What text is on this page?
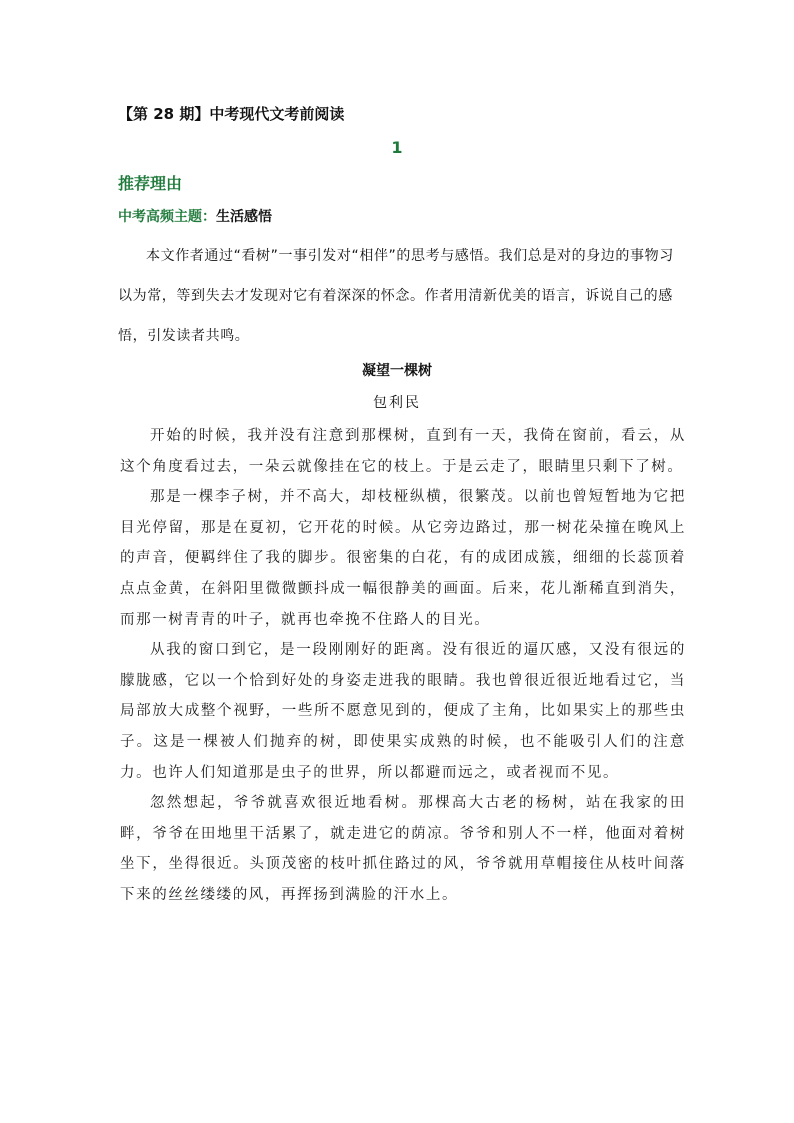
【第 28 期】中考现代文考前阅读
1
推荐理由
中考高频主题：生活感悟

本文作者通过“看树”一事引发对“相伴”的思考与感悟。我们总是对的身边的事物习以为常，等到失去才发现对它有着深深的怀念。作者用清新优美的语言，诉说自己的感悟，引发读者共鸣。

凝望一棵树
包利民

开始的时候，我并没有注意到那棵树，直到有一天，我倚在窗前，看云，从这个角度看过去，一朵云就像挂在它的枝上。于是云走了，眼睛里只剩下了树。

那是一棵李子树，并不高大，却枝桠纵横，很繁茂。以前也曾短暂地为它把目光停留，那是在夏初，它开花的时候。从它旁边路过，那一树花朵撞在晚风上的声音，便羁绊住了我的脚步。很密集的白花，有的成团成簇，细细的长蕊顶着点点金黄，在斜阳里微微颤抖成一幅很静美的画面。后来，花儿渐稀直到消失，而那一树青青的叶子，就再也牵挽不住路人的目光。

从我的窗口到它，是一段刚刚好的距离。没有很近的逼仄感，又没有很远的朦胧感，它以一个恰到好处的身姿走进我的眼睛。我也曾很近很近地看过它，当局部放大成整个视野，一些所不愿意见到的，便成了主角，比如果实上的那些虫子。这是一棵被人们抛弃的树，即使果实成熟的时候，也不能吸引人们的注意力。也许人们知道那是虫子的世界，所以都避而远之，或者视而不见。

忽然想起，爷爷就喜欢很近地看树。那棵高大古老的杨树，站在我家的田畔，爷爷在田地里干活累了，就走进它的荫凉。爷爷和别人不一样，他面对着树坐下，坐得很近。头顶茂密的枝叶抓住路过的风，爷爷就用草帽接住从枝叶间落下来的丝丝缕缕的风，再挥扬到满脸的汗水上。
